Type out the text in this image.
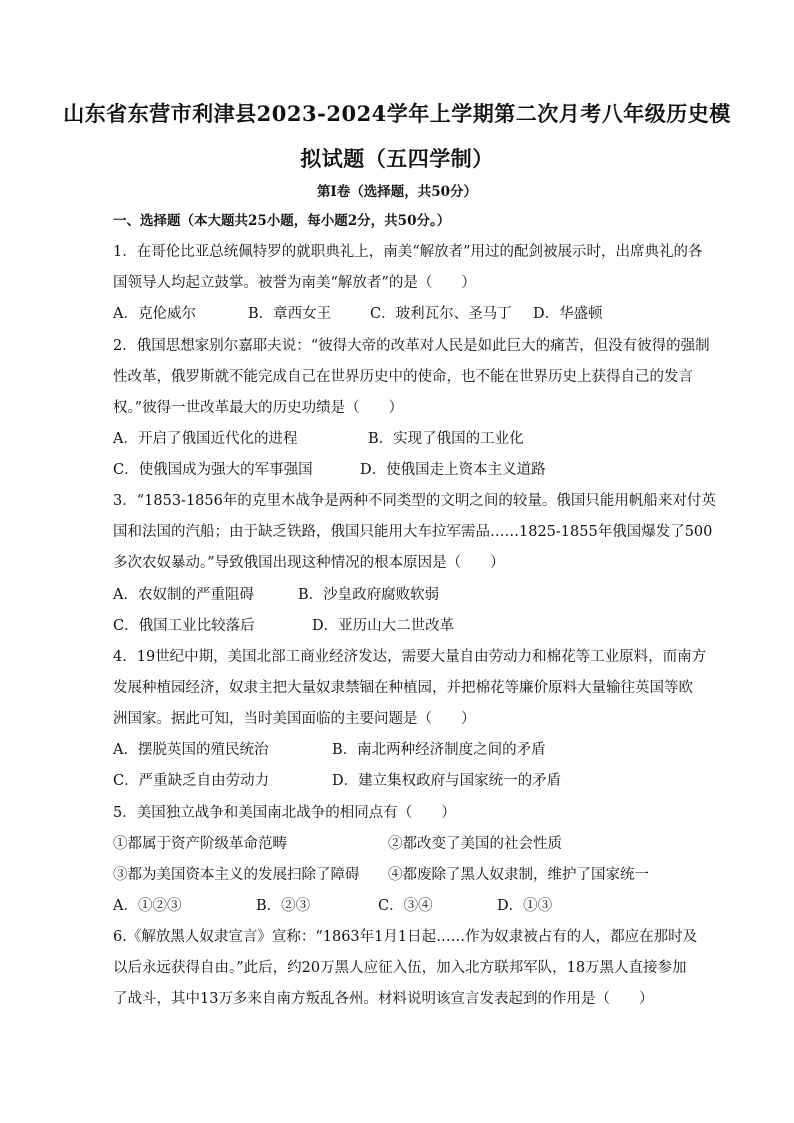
山东省东营市利津县2023-2024学年上学期第二次月考八年级历史模
拟试题（五四学制）
第Ⅰ卷（选择题，共50分）
一、选择题（本大题共25小题，每小题2分，共50分。）
1．在哥伦比亚总统佩特罗的就职典礼上，南美“解放者”用过的配剑被展示时，出席典礼的各
国领导人均起立鼓掌。被誉为南美“解放者”的是（　　）
A．克伦威尔	B．章西女王	C．玻利瓦尔、圣马丁 D．华盛顿
2．俄国思想家别尔嘉耶夫说：“彼得大帝的改革对人民是如此巨大的痛苦，但没有彼得的强制
性改革，俄罗斯就不能完成自己在世界历史中的使命，也不能在世界历史上获得自己的发言
权。”彼得一世改革最大的历史功绩是（　　）
A．开启了俄国近代化的进程	B．实现了俄国的工业化
C．使俄国成为强大的军事强国	D．使俄国走上资本主义道路
3．“1853-1856年的克里木战争是两种不同类型的文明之间的较量。俄国只能用帆船来对付英
国和法国的汽船；由于缺乏铁路，俄国只能用大车拉军需品……1825-1855年俄国爆发了500
多次农奴暴动。”导致俄国出现这种情况的根本原因是（　　）
A．农奴制的严重阻碍	B．沙皇政府腐败软弱
C．俄国工业比较落后	D．亚历山大二世改革
4．19世纪中期，美国北部工商业经济发达，需要大量自由劳动力和棉花等工业原料，而南方
发展种植园经济，奴隶主把大量奴隶禁锢在种植园，并把棉花等廉价原料大量输往英国等欧
洲国家。据此可知，当时美国面临的主要问题是（　　）
A．摆脱英国的殖民统治	B．南北两种经济制度之间的矛盾
C．严重缺乏自由劳动力	D．建立集权政府与国家统一的矛盾
5．美国独立战争和美国南北战争的相同点有（　　）
①都属于资产阶级革命范畴	②都改变了美国的社会性质
③都为美国资本主义的发展扫除了障碍 ④都废除了黑人奴隶制，维护了国家统一
A．①②③	B．②③	C．③④	D．①③
6.《解放黑人奴隶宣言》宣称：“1863年1月1日起……作为奴隶被占有的人，都应在那时及
以后永远获得自由。”此后，约20万黑人应征入伍，加入北方联邦军队，18万黑人直接参加
了战斗，其中13万多来自南方叛乱各州。材料说明该宣言发表起到的作用是（　　）
